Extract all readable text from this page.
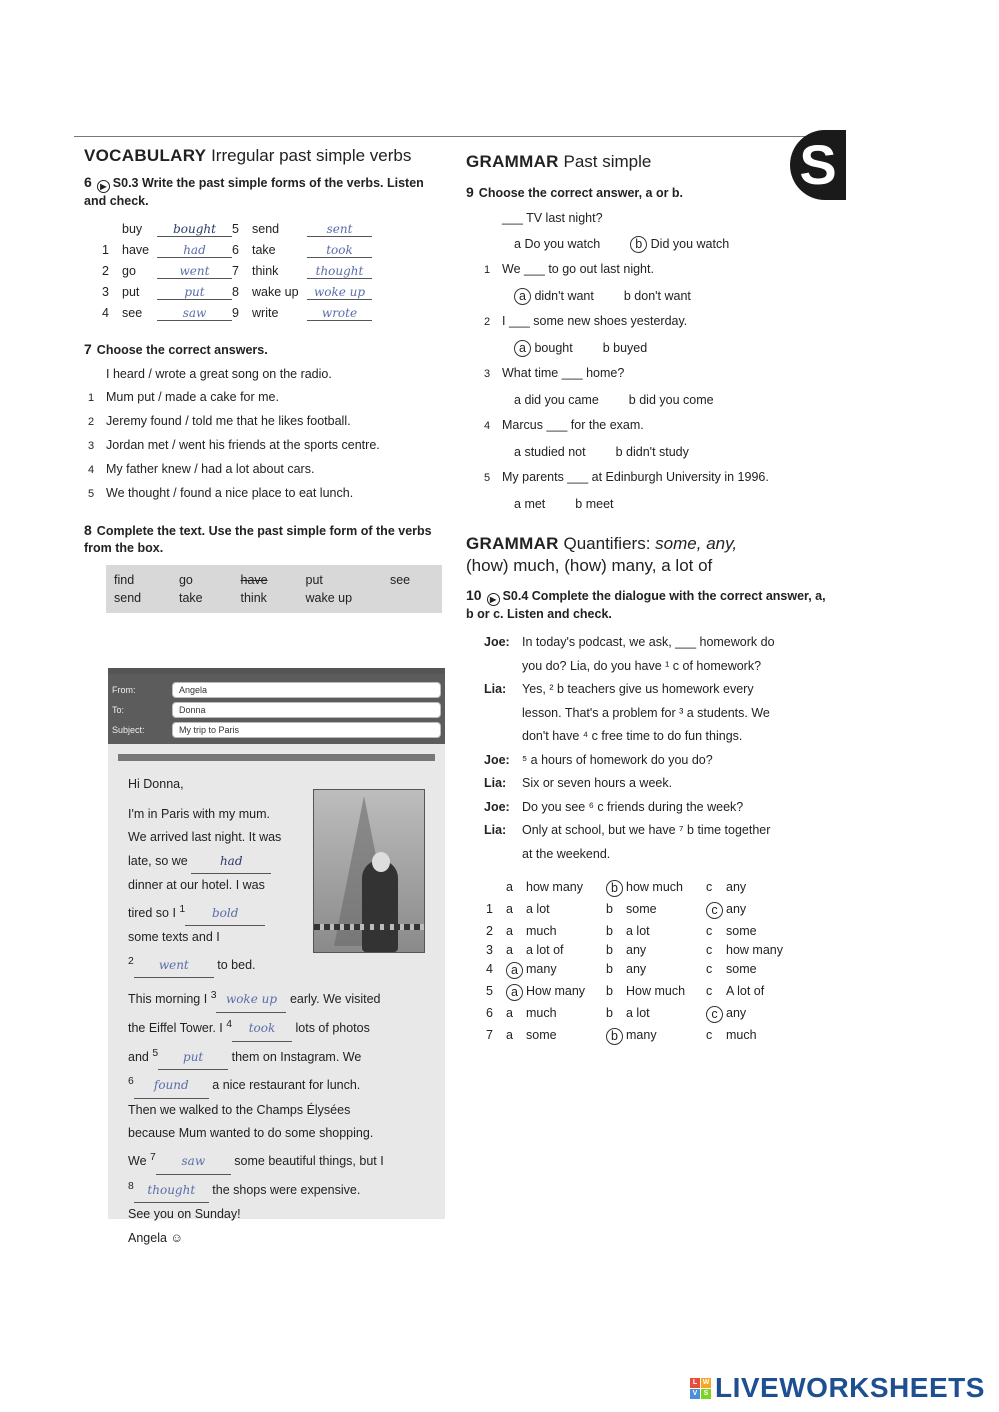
S
VOCABULARY Irregular past simple verbs
6 ▶ S0.3 Write the past simple forms of the verbs. Listen and check.
buy	bought	5	send	sent
1	have	had	6	take	took
2	go	went	7	think	thought
3	put	put	8	wake up	woke up
4	see	saw	9	write	wrote
7 Choose the correct answers.
I heard / wrote a great song on the radio.
1 Mum put / made a cake for me.
2 Jeremy found / told me that he likes football.
3 Jordan met / went his friends at the sports centre.
4 My father knew / had a lot about cars.
5 We thought / found a nice place to eat lunch.
8 Complete the text. Use the past simple form of the verbs from the box.
find	go	have	put	see
send	take	think	wake up
From:	Angela
To:	Donna
Subject:	My trip to Paris
Hi Donna,
I'm in Paris with my mum.
We arrived last night. It was
late, so we	had
dinner at our hotel. I was
tired so I $^1$ bold
some texts and I
$^2$ went to bed.
This morning I $^3$ woke up early. We visited
the Eiffel Tower. I $^4$ took lots of photos
and $^5$ put them on Instagram. We
$^6$ found a nice restaurant for lunch.
Then we walked to the Champs Élysées
because Mum wanted to do some shopping.
We $^7$ saw some beautiful things, but I
$^8$ thought the shops were expensive.
See you on Sunday!
Angela ☺
GRAMMAR Past simple
9 Choose the correct answer, a or b.
___ TV last night?
a Do you watch	b Did you watch
1 We ___ to go out last night.
a didn't want b don't want
2 I ___ some new shoes yesterday.
a bought b buyed
3 What time ___ home?
a did you came b did you come
4 Marcus ___ for the exam.
a studied not b didn't study
5 My parents ___ at Edinburgh University in 1996.
a met b meet
GRAMMAR Quantifiers: some, any,
(how) much, (how) many, a lot of
10 ▶ S0.4 Complete the dialogue with the correct answer, a, b or c. Listen and check.
Joe: In today's podcast, we ask, ___ homework do
you do? Lia, do you have ¹ c of homework?
Lia:	Yes, ² b teachers give us homework every
lesson. That's a problem for ³ a students. We
don't have ⁴ c free time to do fun things.
Joe: ⁵ a hours of homework do you do?
Lia:	Six or seven hours a week.
Joe: Do you see ⁶ c friends during the week?
Lia:	Only at school, but we have ⁷ b time together
at the weekend.
a	how many	b how much	c	any
1	a	a lot	b	some	c any
2	a	much	b	a lot	c	some
3	a	a lot of	b	any	c	how many
4	a many	b	any	c	some
5	a How many	b	How much	c	A lot of
6	a	much	b	a lot	c any
7	a	some	b many	c	much
L W
V S LIVEWORKSHEETS
